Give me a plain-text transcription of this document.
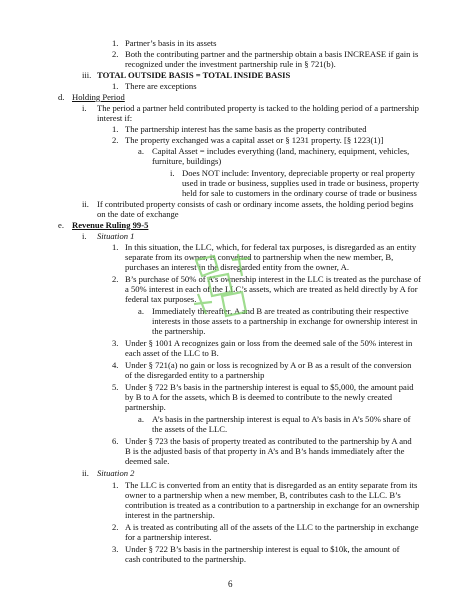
1. Partner’s basis in its assets
2. Both the contributing partner and the partnership obtain a basis INCREASE if gain is
recognized under the investment partnership rule in § 721(b).
iii. TOTAL OUTSIDE BASIS = TOTAL INSIDE BASIS
1. There are exceptions
d. Holding Period
i. The period a partner held contributed property is tacked to the holding period of a partnership
interest if:
1. The partnership interest has the same basis as the property contributed
2. The property exchanged was a capital asset or § 1231 property. [§ 1223(1)]
a. Capital Asset = includes everything (land, machinery, equipment, vehicles,
furniture, buildings)
i. Does NOT include: Inventory, depreciable property or real property
used in trade or business, supplies used in trade or business, property
held for sale to customers in the ordinary course of trade or business
ii. If contributed property consists of cash or ordinary income assets, the holding period begins
on the date of exchange
e. Revenue Ruling 99-5
i. Situation 1
1. In this situation, the LLC, which, for federal tax purposes, is disregarded as an entity
separate from its owner, is converted to partnership when the new member, B,
purchases an interest in the disregarded entity from the owner, A.
2. B’s purchase of 50% of A’s ownership interest in the LLC is treated as the purchase of
a 50% interest in each of the LLC’s assets, which are treated as held directly by A for
federal tax purposes.
a. Immediately thereafter, A and B are treated as contributing their respective
interests in those assets to a partnership in exchange for ownership interest in
the partnership.
3. Under § 1001 A recognizes gain or loss from the deemed sale of the 50% interest in
each asset of the LLC to B.
4. Under § 721(a) no gain or loss is recognized by A or B as a result of the conversion
of the disregarded entity to a partnership
5. Under § 722 B’s basis in the partnership interest is equal to $5,000, the amount paid
by B to A for the assets, which B is deemed to contribute to the newly created
partnership.
a. A’s basis in the partnership interest is equal to A’s basis in A’s 50% share of
the assets of the LLC.
6. Under § 723 the basis of property treated as contributed to the partnership by A and
B is the adjusted basis of that property in A’s and B’s hands immediately after the
deemed sale.
ii. Situation 2
1. The LLC is converted from an entity that is disregarded as an entity separate from its
owner to a partnership when a new member, B, contributes cash to the LLC. B’s
contribution is treated as a contribution to a partnership in exchange for an ownership
interest in the partnership.
2. A is treated as contributing all of the assets of the LLC to the partnership in exchange
for a partnership interest.
3. Under § 722 B’s basis in the partnership interest is equal to $10k, the amount of
cash contributed to the partnership.
6
